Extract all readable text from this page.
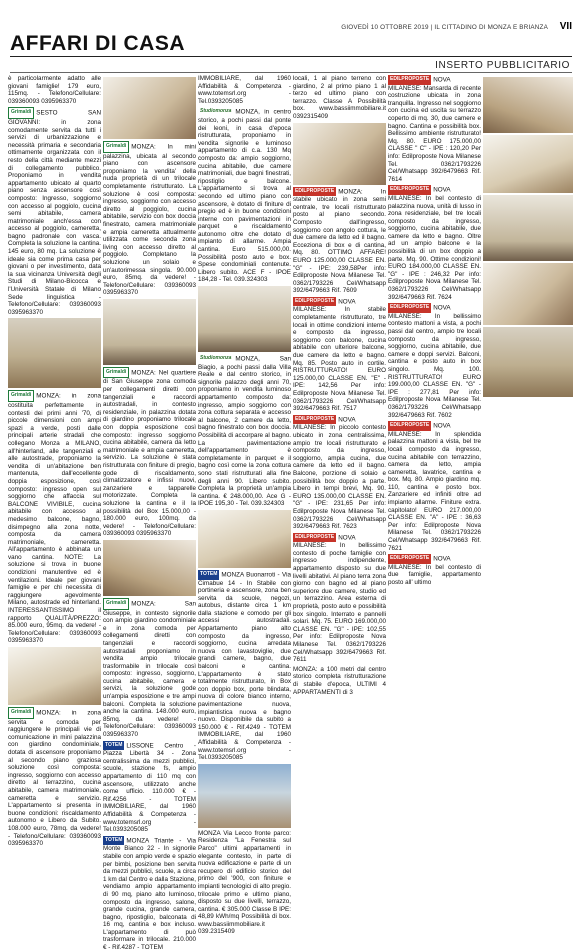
AFFARI DI CASA
GIOVEDÌ 10 OTTOBRE 2019 | IL CITTADINO DI MONZA E BRIANZA VII
INSERTO PUBBLICITARIO

è particolarmente adatto alle giovani famiglie! 179 euro, 115mq. - Telefono/Cellulare: 039360093 0395963370

Grimaldi SESTO SAN GIOVANNI: in zona comodamente servita da tutti i servizi di urbanizzazione e necessità primaria e secondaria ottimamente organizzata con il resto della città mediante mezzi di collegamento pubblico. Proponiamo in vendita appartamento ubicato al quarto piano senza ascensore così composto: Ingresso, soggiorno con accesso al poggiolo, cucina semi abitabile, camera matrimoniale anch'essa con accesso al poggiolo, cameretta, bagno padronale con vasca. Completa la soluzione la cantina. 145 euro, 80 mq. La soluzione è ideale sia come prima casa per giovani o per investimento, data la sua vicinanza Università degli Studi di Milano-Bicocca e l'Università Statale di Milano Sede linguistica - Telefono/Cellulare: 039360093 0395963370

Grimaldi MONZA: in zona costituita perfettamente in contesti dei primi anni '70, di piccole dimensioni con ampi spazi a verde, posti dalle principali arterie stradali che collegano Monza a MILANO, all'hinterland, alle tangenziali e alle autostrade, proponiamo la vendita di un'abitazione ben mantenuta, dall'eccellente doppia esposizione, così composto: ingresso open sul soggiorno che affaccia sul BALCONE VIVIBILE, cucina abitabile con accesso al medesimo balcone, bagno, disimpegno alla zona notte, composta da camera matrimoniale, cameretta. All'appartamento è abbinata un vano cantina. NOTE: La soluzione si trova in buone condizioni manutentive ed è ventilazioni. Ideale per giovani famiglie e per chi necessita di raggiungere agevolmente Milano, autostrade ed hinterland. INTERESSANTISSIMO il rapporto QUALITÀ/PREZZO: 85.000 euro, 95mq. da vedere! - Telefono/Cellulare: 039360093 0395963370

Grimaldi MONZA: in zona servita e comoda per raggiungere le principali vie di comunicazione in mini palazzina con giardino condominiale, dotata di ascensore proponiamo al secondo piano graziosa soluzione così composta: ingresso, soggiorno con accesso diretto al terrazzino, cucina abitabile, camera matrimoniale, cameretta e servizio. L'appartamento si presenta in buone condizioni: riscaldamento autonomo e Libero da Subito. 108.000 euro, 78mq. da vedere! - Telefono/Cellulare: 039360093 0395963370

Grimaldi MONZA: In mini palazzina, ubicata al secondo piano con ascensore proponiamo la vendita' della nuda proprietà di un trilocale completamente ristrutturato. La soluzione è così composta: ingresso, soggiorno con accesso diretto al poggiolo, cucina abitabile, servizio con box doccia finestrato, camera matrimoniale e ampia cameretta attualmente utilizzata come seconda zona living con accesso diretto al poggiolo. Completano la soluzione un solaio e un'autorimessa singola. 90.000 euro, 85mq. da vedere! - Telefono/Cellulare: 039360093 0395963370

Grimaldi MONZA: Nel quartiere di San Giuseppe zona comoda per collegamenti diretti con tangenziali e raccordi autostradali, in contesto residenziale, in palazzina dotata di giardino proponiamo trilocale con doppia esposizione così composto: ingresso soggiorno cucina abitabile, camera da letto matrimoniale e ampia cameretta, servizio. La soluzione è stata ristrutturata con finiture di pregio, gode di riscaldamento, climatizzatore e infissi nuovi, zanzariere e tapparelle motorizzate. Completa la soluzione la cantina e il la possibilità del Box 15.000,00 - 180.000 euro, 100mq. da vedere! - Telefono/Cellulare: 039360093 0395963370

Grimaldi MONZA: San Giuseppe, in contesto signorile con ampio giardino condominiale e in zona comoda per collegamenti diretti con tangenziali e raccordi autostradali proponiamo in vendita ampio trilocale trasformabile in trilocale così composto: ingresso, soggiorno, cucina abitabile, camera e servizi, la soluzione gode un'ampia esposizione e tre ampi balconi. Completa la soluzione anche la cantina. 148.000 euro, 85mq. da vedere! - Telefono/Cellulare: 039360093 0395963370

TOTEM LISSONE Centro - Piazza Libertà 34 - Zona centralissima da mezzi pubblici, scuole, stazione fs, ampio appartamento di 110 mq con ascensore, utilizzato anche come ufficio. 110.000 € - Rif.4256 - TOTEM IMMOBILIARE, dal 1960 Affidabilità & Competenza - www.totemsrl.org - Tel.0393205085

TOTEM MONZA Triante - Via Monte Bianco 22 - In signorile stabile con ampio verde e spazio per bimbi, posizione ben servita da mezzi pubblici, scuole, a circa 1 km dal Centro e dalla Stazione, vendiamo ampio appartamento di 90 mq, piano alto luminoso, composto da ingresso, salone, grande cucina, grande camera, bagno, ripostiglio, balconata di 16 mq, cantina e box incluso. L'appartamento di può trasformare in trilocale. 210.000 € - Rif.4287 - TOTEM

IMMOBILIARE, dal 1960 Affidabilità & Competenza - www.totemsrl.org - Tel.0393205085

Studiomonza MONZA, in centro storico, a pochi passi dal ponte dei leoni, in casa d'epoca ristrutturata, proponiamo in vendita signorile e luminoso appartamento di c.a. 130 Mq composto da: ampio soggiorno, cucina abitabile, due camere matrimoniali, due bagni finestrati, ripostiglio e balcone. L'appartamento si trova al secondo ed ultimo piano con ascensore, è dotato di finiture di pregio ed è in buone condizioni interne con pavimentazioni in parquet e riscaldamento autonomo oltre che dotato di impianto di allarme. Ampia cantina. Euro 515.000,00. Possibilità posto auto e box. Spese condominiali contenute. Libero subito. ACE F - IPOE 184,28 - Tel. 039.324303

Studiomonza MONZA, San Biagio, a pochi passi dalla Villa Reale e dal centro storico, in signorile palazzo degli anni 70, proponiamo in vendita luminoso appartamento composto da: ingresso, ampio soggiorno con zona cottura separata e accesso al balcone, 2 camere da letto, bagno finestrato con box doccia. Possibilità di accorpare al bagno. La pavimentazione dell'appartamento è completamente in parquet e il bagno così come la zona cottura sono stati ristrutturati alla fine degli anni 90. Libero subito. Completa la proprietà un'ampia cantina. € 248.000,00. Ace G - IPOE 195,30 - Tel. 039.324303

TOTEM MONZA Buonarroti - Via Cimabue 14 - In Stabile con portineria e ascensore, zona ben servita da scuole, negozi, autobus, distante circa 1 km dalla stazione e comodo per gli accessi autostradali. Appartamento piano alto composto da ingresso, soggiorno, cucina arredata nuova con lavastoviglie, due grandi camere, bagno, due balconi e cantina. L'appartamento è stato totalmente ristrutturato, in Box con doppio box, porte blindata, nuova di colore bianco interno, pavimentazione nuova, impiantistica nuova e bagno nuovo. Disponibile da subito a 150.000 € - Rif.4249 - TOTEM IMMOBILIARE, dal 1960 Affidabilità & Competenza - www.totemsrl.org - Tel.0393205085

MONZA Via Lecco fronte parco: Residenza "La Fenestra sul Parco" ultimi appartamenti in elegante contesto, in parte di nuova edificazione e parte di un recupero di edificio storico del primo del '900, con finiture e impianti tecnologici di alto pregio. trilocale primo e ultimo piano, disposto su due livelli, terrazzo, cantina. € 305.000 Classe B IPE: 48,89 kWh/mq Possibilità di box. www.bassiimmobiliare.it 039.2315409

locali, 1 al piano terreno con giardino, 2 al primo piano 1 al terzo ed ultimo piano con terrazzo. Classe A Possibilità box. www.bassiimmobiliare.it 0392315409

EDILPROPOSTE MONZA: In stabile ubicato in zona semi centrale, tre locali ristrutturato posto al piano secondo. Composto dall'ingresso, soggiorno con angolo cottura, le due camere da letto ed il bagno. Ecceziona di box e di cantina, Mq. 80. OTTIMO AFFARE! EURO 125.000,00 CLASSE EN. "G" - IPE: 239,58Per info: Edilproposte Nova Milanese Tel. 0362/1793226 Cel/Whatsapp 392/6479663 Rif. 7609

EDILPROPOSTE NOVA MILANESE: In stabile completamente ristrutturato, tre locali in ottime condizioni interne e composto da ingresso, soggiorno con balcone, cucina abitabile con ulteriore balcone, due camere da letto e bagno. Mq. 85. Posto auto in cortile. RISTRUTTURATO! EURO 125.000,00 CLASSE EN. "E" - IPE: 142,56 Per info: Edilproposte Nova Milanese Tel. 0362/1793226 Cel/Whatsapp 392/6479663 Rif. 7517

EDILPROPOSTE NOVA MILANESE: In piccolo contesto ubicato in zona centralissima, ampio tre locali ristrutturato e composto da ingresso, soggiorno, ampia cucina, due camere da letto ed il bagno. Balcone, porzione di solaio e possibilità box doppio a parte. Libero in tempi brevi, Mq. 90. EURO 135.000,00 CLASSE EN. "G" - IPE: 231,65 Per info: Edilproposte Nova Milanese Tel. 0362/1793226 Cel/Whatsapp 392/6479663 Rif. 7623

EDILPROPOSTE NOVA MILANESE: In bellissimo contesto di poche famiglie con ingresso indipendente, appartamento disposto su due livelli abitativi. Al piano terra zona giorno con bagno ed al piano superiore due camere, studio ed un terrazzino. Area esterna di proprietà, posto auto e possibilità box singolo. Interrato e pannelli solari. Mq. 75. EURO 169.000,00 CLASSE EN. "G" - IPE: 102,55 Per info: Edilproposte Nova Milanese Tel. 0362/1793226 Cel/Whatsapp 392/6479663 Rif. 7611

MONZA: a 100 metri dal centro storico completa ristrutturazione di stabile d'epoca, ULTIMI 4 APPARTAMENTI di 3

EDILPROPOSTE NOVA MILANESE: Mansarda di recente costruzione ubicata in zona tranquilla. Ingresso nel soggiorno con cucina ed uscita su terrazzo coperto di mq. 30, due camere e bagno. Cantina e possibilità box. Bellissimo ambiente ristrutturato! Mq. 80. EURO 175.000,00 CLASSE " C" - IPE : 120,20 Per info: Edilproposte Nova Milanese Tel. 0362/1793226 Cel/Whatsapp 392/6479663 Rif. 7614

EDILPROPOSTE NOVA MILANESE: In bel contesto di palazzina nuova, unità di lusso in zona residenziale, bel tre locali composto da ingresso, soggiorno, cucina abitabile, due camere da letto e bagno. Oltre ad un ampio balcone e la possibilità di un box doppio a parte. Mq. 90. Ottime condizioni! EURO 184.000,00 CLASSE EN. "G" - IPE : 246,32 Per info: Edilproposte Nova Milanese Tel. 0362/1793226 Cel/Whatsapp 392/6479663 Rif. 7624

EDILPROPOSTE NOVA MILANESE: In bellissimo contesto mattoni a vista, a pochi passi dal centro, ampio tre locali composto da ingresso, soggiorno, cucina abitabile, due camere e doppi servizi. Balconi, cantina e posto auto in box singolo. Mq. 100. RISTRUTTURATO! EURO 199.000,00 CLASSE EN. "G" - IPE : 277,81 Per info: Edilproposte Nova Milanese Tel. 0362/1793226 Cel/Whatsapp 392/6479663 Rif. 7602

EDILPROPOSTE NOVA MILANESE: In splendida palazzina mattoni a vista, bel tre locali composto da ingresso, cucina abitabile con terrazzino, camera da letto, ampia cameretta, lavatrice, cantina e box. Mq. 80. Ampio giardino mq. 110, cantina e posto box. Zanzariere ed infiniti oltre ad impianto allarme. Finiture extra. capitolato! EURO 217.000,00 CLASSE EN. "A" - IPE : 36,63 Per info: Edilproposte Nova Milanese Tel. 0362/1793226 Cel/Whatsapp 392/6479663 Rif. 7621

EDILPROPOSTE NOVA MILANESE: In bel contesto di due famiglie, appartamento posto all' ultimo
